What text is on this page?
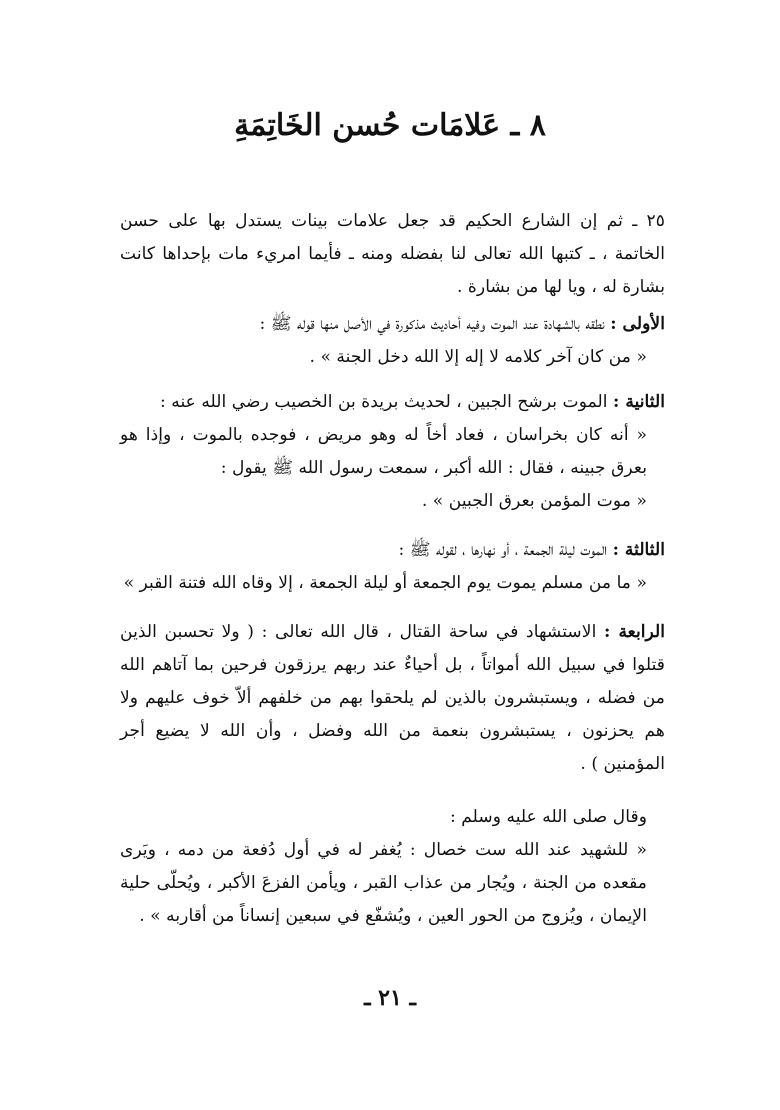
٨ ـ عَلامَات حُسن الخَاتِمَةِ

٢٥ ـ ثم إن الشارع الحكيم قد جعل علامات بينات يستدل بها على حسن الخاتمة ، ـ كتبها الله تعالى لنا بفضله ومنه ـ فأيما امريء مات بإحداها كانت بشارة له ، ويا لها من بشارة .

الأولى : نطقه بالشهادة عند الموت وفيه أحاديث مذكورة في الأصل منها قوله ﷺ :

« من كان آخر كلامه لا إله إلا الله دخل الجنة » .

الثانية : الموت برشح الجبين ، لحديث بريدة بن الخصيب رضي الله عنه :

« أنه كان بخراسان ، فعاد أخاً له وهو مريض ، فوجده بالموت ، وإذا هو بعرق جبينه ، فقال : الله أكبر ، سمعت رسول الله ﷺ يقول :

« موت المؤمن بعرق الجبين » .

الثالثة : الموت ليلة الجمعة ، أو نهارها ، لقوله ﷺ :

« ما من مسلم يموت يوم الجمعة أو ليلة الجمعة ، إلا وقاه الله فتنة القبر »

الرابعة : الاستشهاد في ساحة القتال ، قال الله تعالى : ( ولا تحسبن الذين قتلوا في سبيل الله أمواتاً ، بل أحياءٌ عند ربهم يرزقون فرحين بما آتاهم الله من فضله ، ويستبشرون بالذين لم يلحقوا بهم من خلفهم ألاّ خوف عليهم ولا هم يحزنون ، يستبشرون بنعمة من الله وفضل ، وأن الله لا يضيع أجر المؤمنين ) .

وقال صلى الله عليه وسلم :

« للشهيد عند الله ست خصال : يُغفر له في أول دُفعة من دمه ، ويَرى مقعده من الجنة ، ويُجار من عذاب القبر ، ويأمن الفزعَ الأكبر ، ويُحلّى حلية الإيمان ، ويُزوج من الحور العين ، ويُشفّع في سبعين إنساناً من أقاربه » .

ـ ٢١ ـ
